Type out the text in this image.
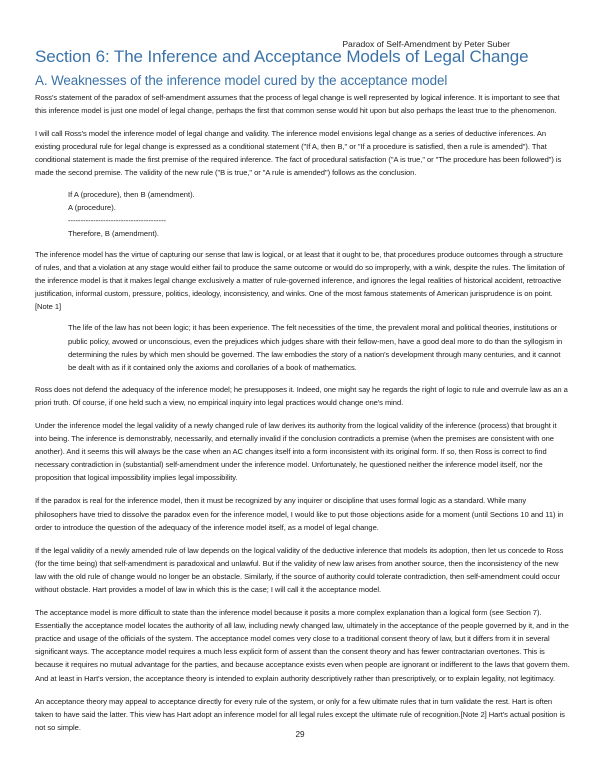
Paradox of Self-Amendment by Peter Suber
Section 6: The Inference and Acceptance Models of Legal Change
A. Weaknesses of the inference model cured by the acceptance model

Ross's statement of the paradox of self-amendment assumes that the process of legal change is well represented by logical inference. It is important to see that this inference model is just one model of legal change, perhaps the first that common sense would hit upon but also perhaps the least true to the phenomenon.

I will call Ross's model the inference model of legal change and validity. The inference model envisions legal change as a series of deductive inferences. An existing procedural rule for legal change is expressed as a conditional statement ("If A, then B," or "If a procedure is satisfied, then a rule is amended"). That conditional statement is made the first premise of the required inference. The fact of procedural satisfaction ("A is true," or "The procedure has been followed") is made the second premise. The validity of the new rule ("B is true," or "A rule is amended") follows as the conclusion.

If A (procedure), then B (amendment).
A (procedure).
---------------------------------------
Therefore, B (amendment).

The inference model has the virtue of capturing our sense that law is logical, or at least that it ought to be, that procedures produce outcomes through a structure of rules, and that a violation at any stage would either fail to produce the same outcome or would do so improperly, with a wink, despite the rules. The limitation of the inference model is that it makes legal change exclusively a matter of rule-governed inference, and ignores the legal realities of historical accident, retroactive justification, informal custom, pressure, politics, ideology, inconsistency, and winks. One of the most famous statements of American jurisprudence is on point.[Note 1]

The life of the law has not been logic; it has been experience. The felt necessities of the time, the prevalent moral and political theories, institutions or public policy, avowed or unconscious, even the prejudices which judges share with their fellow-men, have a good deal more to do than the syllogism in determining the rules by which men should be governed. The law embodies the story of a nation's development through many centuries, and it cannot be dealt with as if it contained only the axioms and corollaries of a book of mathematics.

Ross does not defend the adequacy of the inference model; he presupposes it. Indeed, one might say he regards the right of logic to rule and overrule law as an a priori truth. Of course, if one held such a view, no empirical inquiry into legal practices would change one's mind.

Under the inference model the legal validity of a newly changed rule of law derives its authority from the logical validity of the inference (process) that brought it into being. The inference is demonstrably, necessarily, and eternally invalid if the conclusion contradicts a premise (when the premises are consistent with one another). And it seems this will always be the case when an AC changes itself into a form inconsistent with its original form. If so, then Ross is correct to find necessary contradiction in (substantial) self-amendment under the inference model. Unfortunately, he questioned neither the inference model itself, nor the proposition that logical impossibility implies legal impossibility.

If the paradox is real for the inference model, then it must be recognized by any inquirer or discipline that uses formal logic as a standard. While many philosophers have tried to dissolve the paradox even for the inference model, I would like to put those objections aside for a moment (until Sections 10 and 11) in order to introduce the question of the adequacy of the inference model itself, as a model of legal change.

If the legal validity of a newly amended rule of law depends on the logical validity of the deductive inference that models its adoption, then let us concede to Ross (for the time being) that self-amendment is paradoxical and unlawful. But if the validity of new law arises from another source, then the inconsistency of the new law with the old rule of change would no longer be an obstacle. Similarly, if the source of authority could tolerate contradiction, then self-amendment could occur without obstacle. Hart provides a model of law in which this is the case; I will call it the acceptance model.

The acceptance model is more difficult to state than the inference model because it posits a more complex explanation than a logical form (see Section 7). Essentially the acceptance model locates the authority of all law, including newly changed law, ultimately in the acceptance of the people governed by it, and in the practice and usage of the officials of the system. The acceptance model comes very close to a traditional consent theory of law, but it differs from it in several significant ways. The acceptance model requires a much less explicit form of assent than the consent theory and has fewer contractarian overtones. This is because it requires no mutual advantage for the parties, and because acceptance exists even when people are ignorant or indifferent to the laws that govern them. And at least in Hart's version, the acceptance theory is intended to explain authority descriptively rather than prescriptively, or to explain legality, not legitimacy.

An acceptance theory may appeal to acceptance directly for every rule of the system, or only for a few ultimate rules that in turn validate the rest. Hart is often taken to have said the latter. This view has Hart adopt an inference model for all legal rules except the ultimate rule of recognition.[Note 2] Hart's actual position is not so simple.

29
